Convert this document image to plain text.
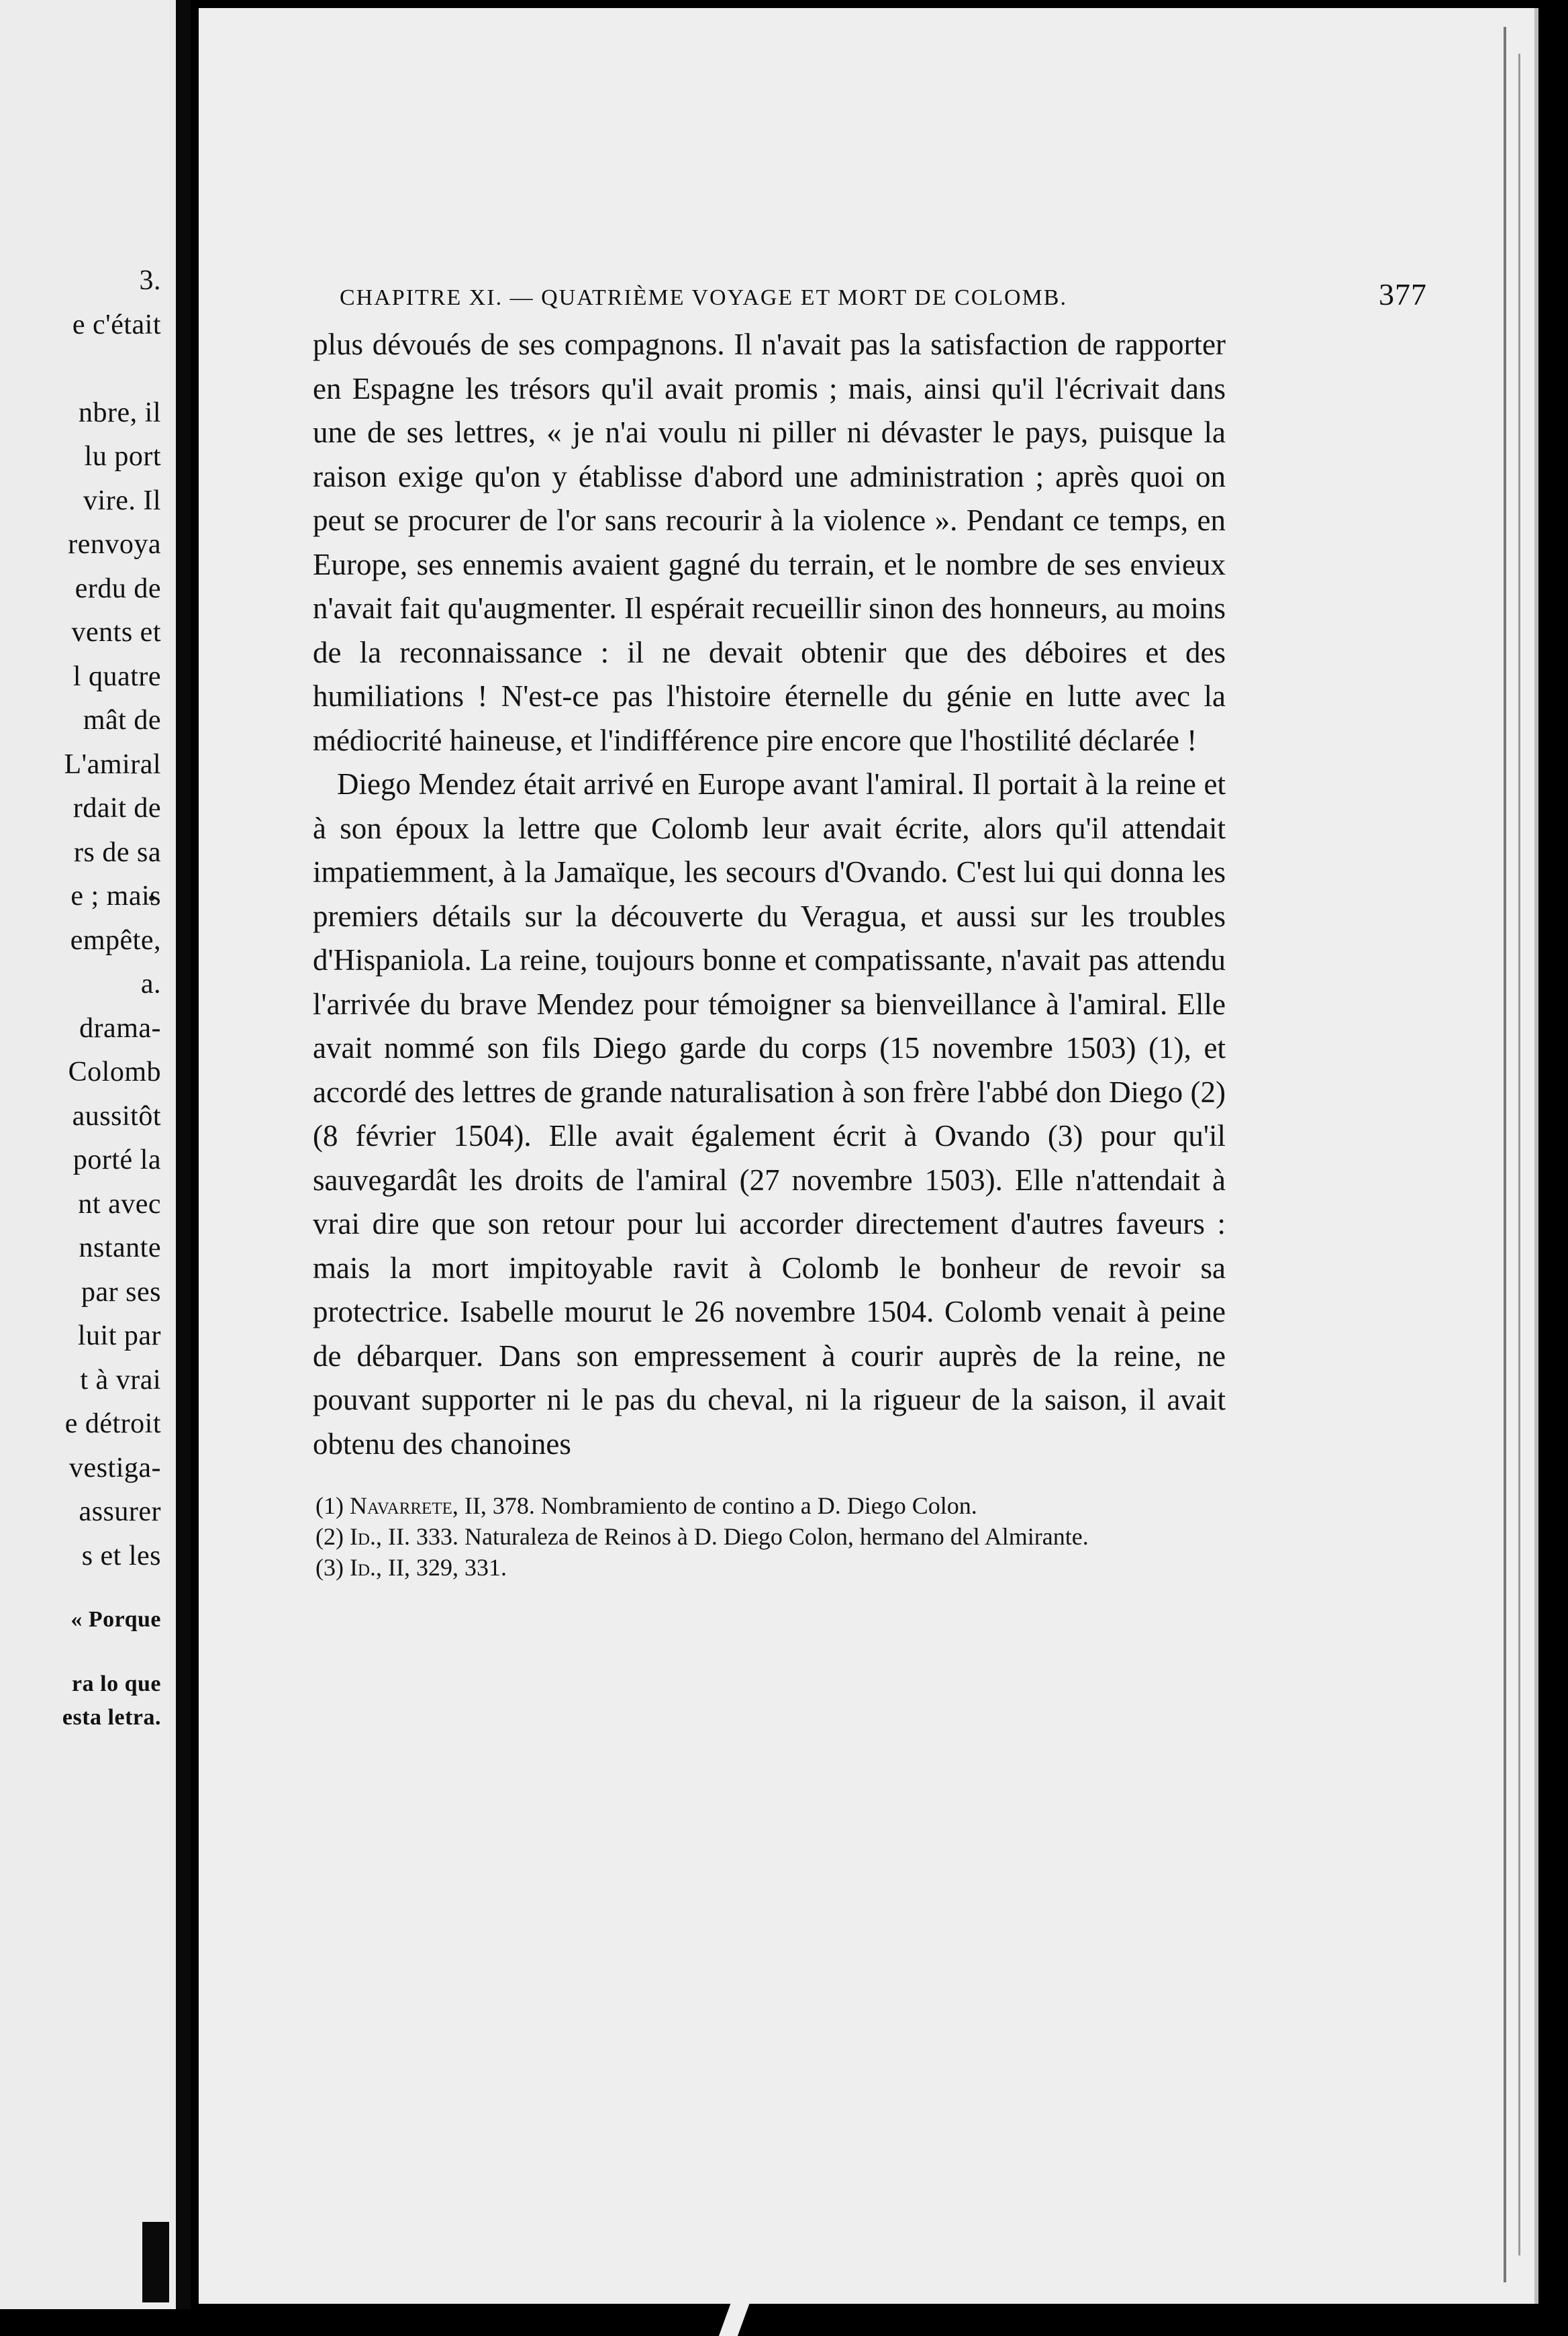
3.
e c'était
nbre, il
lu port
vire. Il
renvoya
erdu de
vents et
l quatre
mât de
L'amiral
rdait de
rs de sa
e ; mais
empête,
a.
drama-
Colomb
aussitôt
porté la
nt avec
nstante
par ses
luit par
t à vrai
e détroit
vestiga-
assurer
s et les
« Porque
ra lo que
esta letra.
CHAPITRE XI. — QUATRIÈME VOYAGE ET MORT DE COLOMB.	377

plus dévoués de ses compagnons. Il n'avait pas la satisfaction de rapporter en Espagne les trésors qu'il avait promis ; mais, ainsi qu'il l'écrivait dans une de ses lettres, « je n'ai voulu ni piller ni dévaster le pays, puisque la raison exige qu'on y établisse d'abord une administration ; après quoi on peut se procurer de l'or sans recourir à la violence ». Pendant ce temps, en Europe, ses ennemis avaient gagné du terrain, et le nombre de ses envieux n'avait fait qu'augmenter. Il espérait recueillir sinon des honneurs, au moins de la reconnaissance : il ne devait obtenir que des déboires et des humiliations ! N'est-ce pas l'histoire éternelle du génie en lutte avec la médiocrité haineuse, et l'indifférence pire encore que l'hostilité déclarée !

Diego Mendez était arrivé en Europe avant l'amiral. Il portait à la reine et à son époux la lettre que Colomb leur avait écrite, alors qu'il attendait impatiemment, à la Jamaïque, les secours d'Ovando. C'est lui qui donna les premiers détails sur la découverte du Veragua, et aussi sur les troubles d'Hispaniola. La reine, toujours bonne et compatissante, n'avait pas attendu l'arrivée du brave Mendez pour témoigner sa bienveillance à l'amiral. Elle avait nommé son fils Diego garde du corps (15 novembre 1503) (1), et accordé des lettres de grande naturalisation à son frère l'abbé don Diego (2) (8 février 1504). Elle avait également écrit à Ovando (3) pour qu'il sauvegardât les droits de l'amiral (27 novembre 1503). Elle n'attendait à vrai dire que son retour pour lui accorder directement d'autres faveurs : mais la mort impitoyable ravit à Colomb le bonheur de revoir sa protectrice. Isabelle mourut le 26 novembre 1504. Colomb venait à peine de débarquer. Dans son empressement à courir auprès de la reine, ne pouvant supporter ni le pas du cheval, ni la rigueur de la saison, il avait obtenu des chanoines

(1) Navarrete, II, 378. Nombramiento de contino a D. Diego Colon.
(2) Id., II. 333. Naturaleza de Reinos à D. Diego Colon, hermano del Almirante.
(3) Id., II, 329, 331.
